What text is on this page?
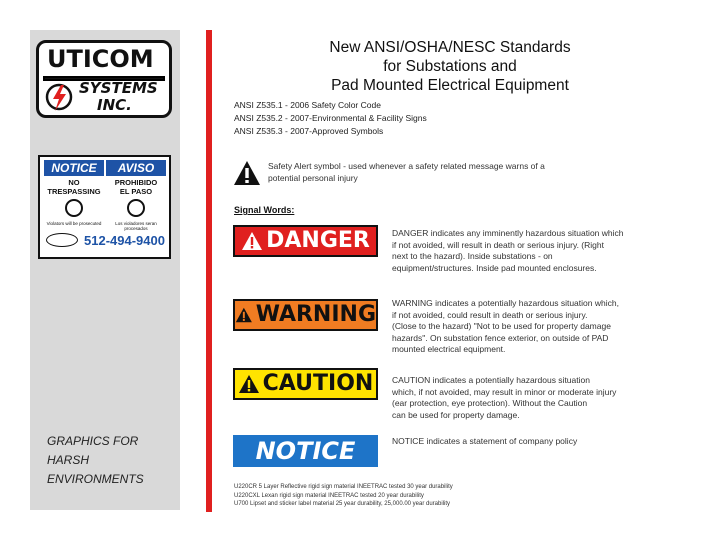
UTICOM
SYSTEMS
INC.
NOTICE	AVISO
NO
TRESPASSING
PROHIBIDO
EL PASO
Violators will be prosecuted	Los violadores seran procesados
512-494-9400
GRAPHICS FOR
HARSH
ENVIRONMENTS
New ANSI/OSHA/NESC Standards
for Substations and
Pad Mounted Electrical Equipment
ANSI Z535.1 - 2006 Safety Color Code
ANSI Z535.2 - 2007-Environmental & Facility Signs
ANSI Z535.3 - 2007-Approved Symbols
Safety Alert symbol - used whenever a safety related message warns of a potential personal injury
Signal Words:
DANGER	DANGER indicates any imminently hazardous situation which
if not avoided, will result in death or serious injury. (Right
next to the hazard). Inside substations - on
equipment/structures. Inside pad mounted enclosures.
WARNING WARNING indicates a potentially hazardous situation which,
if not avoided, could result in death or serious injury.
(Close to the hazard) "Not to be used for property damage
hazards". On substation fence exterior, on outside of PAD
mounted electrical equipment.
CAUTION CAUTION indicates a potentially hazardous situation
which, if not avoided, may result in minor or moderate injury
(ear protection, eye protection). Without the Caution
can be used for property damage.
NOTICE	NOTICE indicates a statement of company policy
U220CR 5 Layer Reflective rigid sign material INEETRAC tested 30 year durability
U220CXL Lexan rigid sign material INEETRAC tested 20 year durability
U700 Lipset and sticker label material 25 year durability, 25,000.00 year durability
